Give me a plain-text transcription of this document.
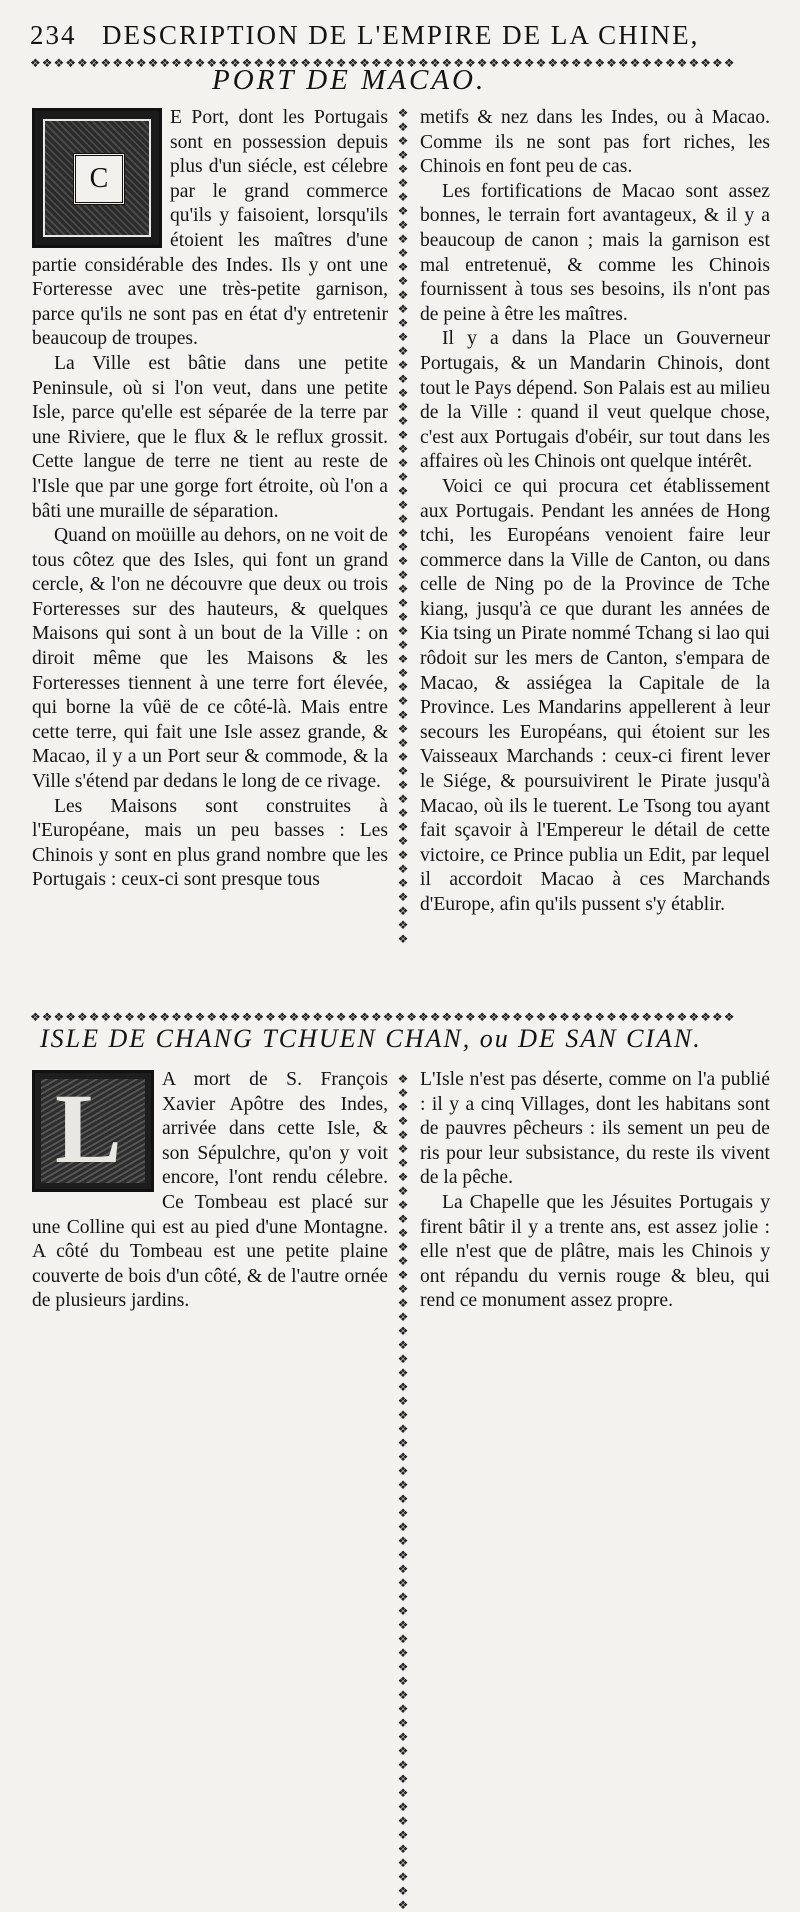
234 DESCRIPTION DE L'EMPIRE DE LA CHINE,
❖❖❖❖❖❖❖❖❖❖❖❖❖❖❖❖❖❖❖❖❖❖❖❖❖❖❖❖❖❖❖❖❖❖❖❖❖❖❖❖❖❖❖❖❖❖❖❖❖❖❖❖❖❖❖❖❖❖❖❖
PORT DE MACAO.
C

E Port, dont les Portugais sont en possession depuis plus d'un siécle, est célebre par le grand commerce qu'ils y faisoient, lorsqu'ils étoient les maîtres d'une partie considérable des Indes. Ils y ont une Forteresse avec une très-petite garnison, parce qu'ils ne sont pas en état d'y entretenir beaucoup de troupes.

La Ville est bâtie dans une petite Peninsule, où si l'on veut, dans une petite Isle, parce qu'elle est séparée de la terre par une Riviere, que le flux & le reflux grossit. Cette langue de terre ne tient au reste de l'Isle que par une gorge fort étroite, où l'on a bâti une muraille de séparation.

Quand on moüille au dehors, on ne voit de tous côtez que des Isles, qui font un grand cercle, & l'on ne découvre que deux ou trois Forteresses sur des hauteurs, & quelques Maisons qui sont à un bout de la Ville : on diroit même que les Maisons & les Forteresses tiennent à une terre fort élevée, qui borne la vûë de ce côté-là. Mais entre cette terre, qui fait une Isle assez grande, & Macao, il y a un Port seur & commode, & la Ville s'étend par dedans le long de ce rivage.

Les Maisons sont construites à l'Européane, mais un peu basses : Les Chinois y sont en plus grand nombre que les Portugais : ceux-ci sont presque tous

❖❖❖❖❖❖❖❖❖❖❖❖❖❖❖❖❖❖❖❖❖❖❖❖❖❖❖❖❖❖❖❖❖❖❖❖❖❖❖❖❖❖❖❖❖❖❖❖❖❖❖❖❖❖❖❖❖❖❖❖

metifs & nez dans les Indes, ou à Macao. Comme ils ne sont pas fort riches, les Chinois en font peu de cas.

Les fortifications de Macao sont assez bonnes, le terrain fort avantageux, & il y a beaucoup de canon ; mais la garnison est mal entretenuë, & comme les Chinois fournissent à tous ses besoins, ils n'ont pas de peine à être les maîtres.

Il y a dans la Place un Gouverneur Portugais, & un Mandarin Chinois, dont tout le Pays dépend. Son Palais est au milieu de la Ville : quand il veut quelque chose, c'est aux Portugais d'obéir, sur tout dans les affaires où les Chinois ont quelque intérêt.

Voici ce qui procura cet établissement aux Portugais. Pendant les années de Hong tchi, les Européans venoient faire leur commerce dans la Ville de Canton, ou dans celle de Ning po de la Province de Tche kiang, jusqu'à ce que durant les années de Kia tsing un Pirate nommé Tchang si lao qui rôdoit sur les mers de Canton, s'empara de Macao, & assiégea la Capitale de la Province. Les Mandarins appellerent à leur secours les Européans, qui étoient sur les Vaisseaux Marchands : ceux-ci firent lever le Siége, & poursuivirent le Pirate jusqu'à Macao, où ils le tuerent. Le Tsong tou ayant fait sçavoir à l'Empereur le détail de cette victoire, ce Prince publia un Edit, par lequel il accordoit Macao à ces Marchands d'Europe, afin qu'ils pussent s'y établir.

❖❖❖❖❖❖❖❖❖❖❖❖❖❖❖❖❖❖❖❖❖❖❖❖❖❖❖❖❖❖❖❖❖❖❖❖❖❖❖❖❖❖❖❖❖❖❖❖❖❖❖❖❖❖❖❖❖❖❖❖
ISLE DE CHANG TCHUEN CHAN, ou DE SAN CIAN.
L	A mort de S. François Xavier Apôtre des Indes, arrivée dans cette Isle, & son Sépulchre, qu'on y voit encore, l'ont rendu célebre. Ce Tombeau est placé sur une Colline qui est au pied d'une Montagne. A côté du Tombeau est une petite plaine couverte de bois d'un côté, & de l'autre ornée de plusieurs jardins.

❖❖❖❖❖❖❖❖❖❖❖❖❖❖❖❖❖❖❖❖❖❖❖❖❖❖❖❖❖❖❖❖❖❖❖❖❖❖❖❖❖❖❖❖❖❖❖❖❖❖❖❖❖❖❖❖❖❖❖❖

L'Isle n'est pas déserte, comme on l'a publié : il y a cinq Villages, dont les habitans sont de pauvres pêcheurs : ils sement un peu de ris pour leur subsistance, du reste ils vivent de la pêche.

La Chapelle que les Jésuites Portugais y firent bâtir il y a trente ans, est assez jolie : elle n'est que de plâtre, mais les Chinois y ont répandu du vernis rouge & bleu, qui rend ce monument assez propre.
